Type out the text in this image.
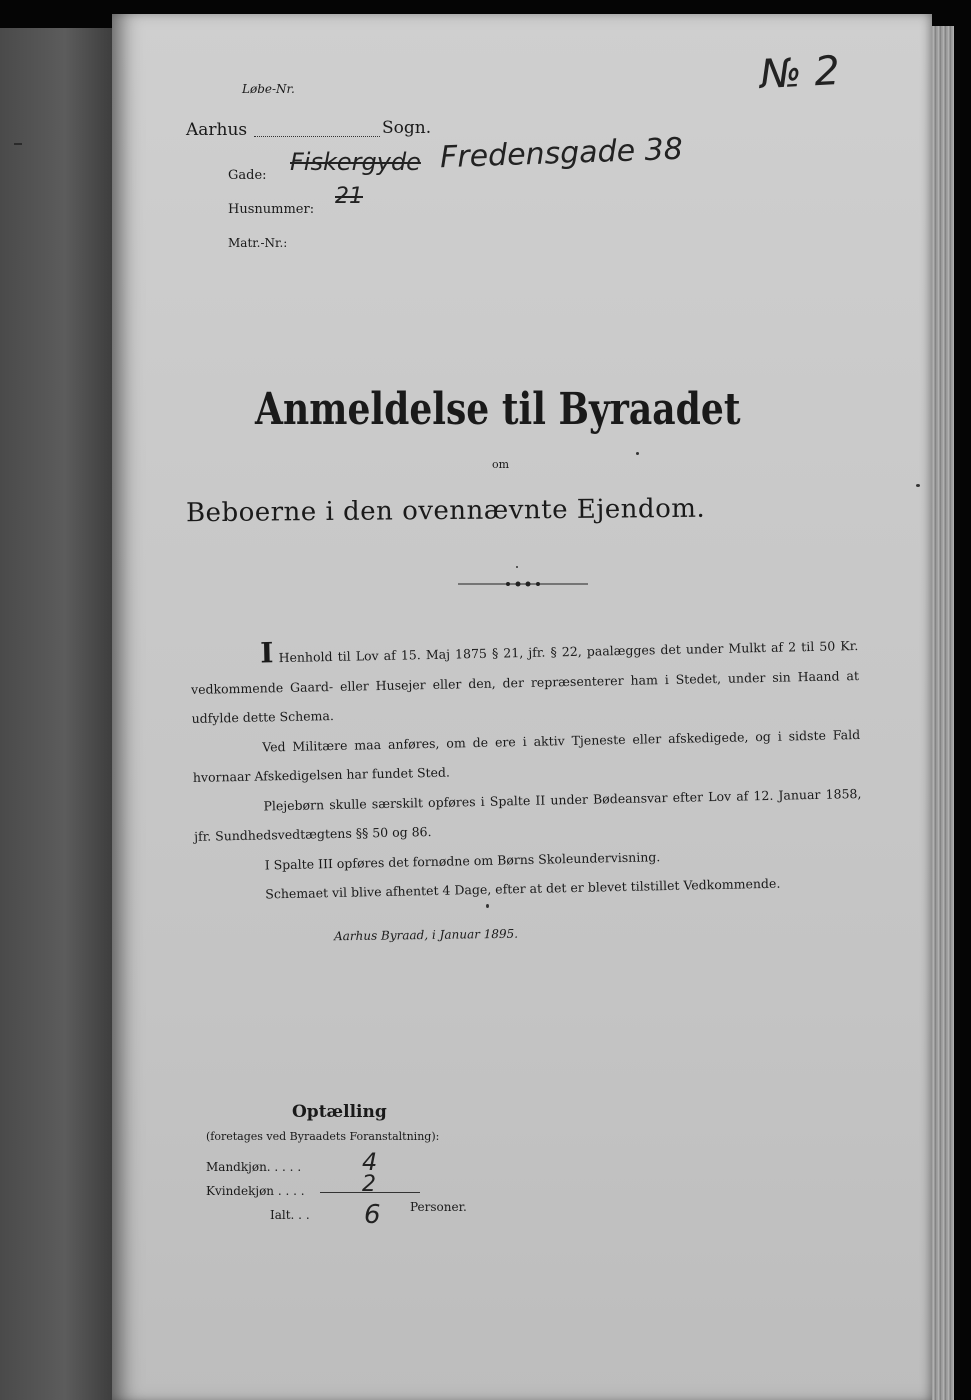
Løbe-Nr.
Aarhus	Sogn.
Gade:
Husnummer:
Matr.-Nr.:
№ 2
Fiskergyde Fredensgade 38
21
Anmeldelse til Byraadet
om
Beboerne i den ovennævnte Ejendom.

I Henhold til Lov af 15. Maj 1875 § 21, jfr. § 22, paalægges det under Mulkt af 2 til 50 Kr. vedkommende Gaard- eller Husejer eller den, der repræsenterer ham i Stedet, under sin Haand at udfylde dette Schema.

Ved Militære maa anføres, om de ere i aktiv Tjeneste eller afskedigede, og i sidste Fald hvornaar Afskedigelsen har fundet Sted.

Plejebørn skulle særskilt opføres i Spalte II under Bødeansvar efter Lov af 12. Januar 1858, jfr. Sundhedsvedtægtens §§ 50 og 86.

I Spalte III opføres det fornødne om Børns Skoleundervisning.

Schemaet vil blive afhentet 4 Dage, efter at det er blevet tilstillet Vedkommende.

Aarhus Byraad, i Januar 1895.
Optælling
(foretages ved Byraadets Foranstaltning):
Mandkjøn. . . . .
Kvindekjøn . . . .
Ialt. . .
4
2
6 Personer.
